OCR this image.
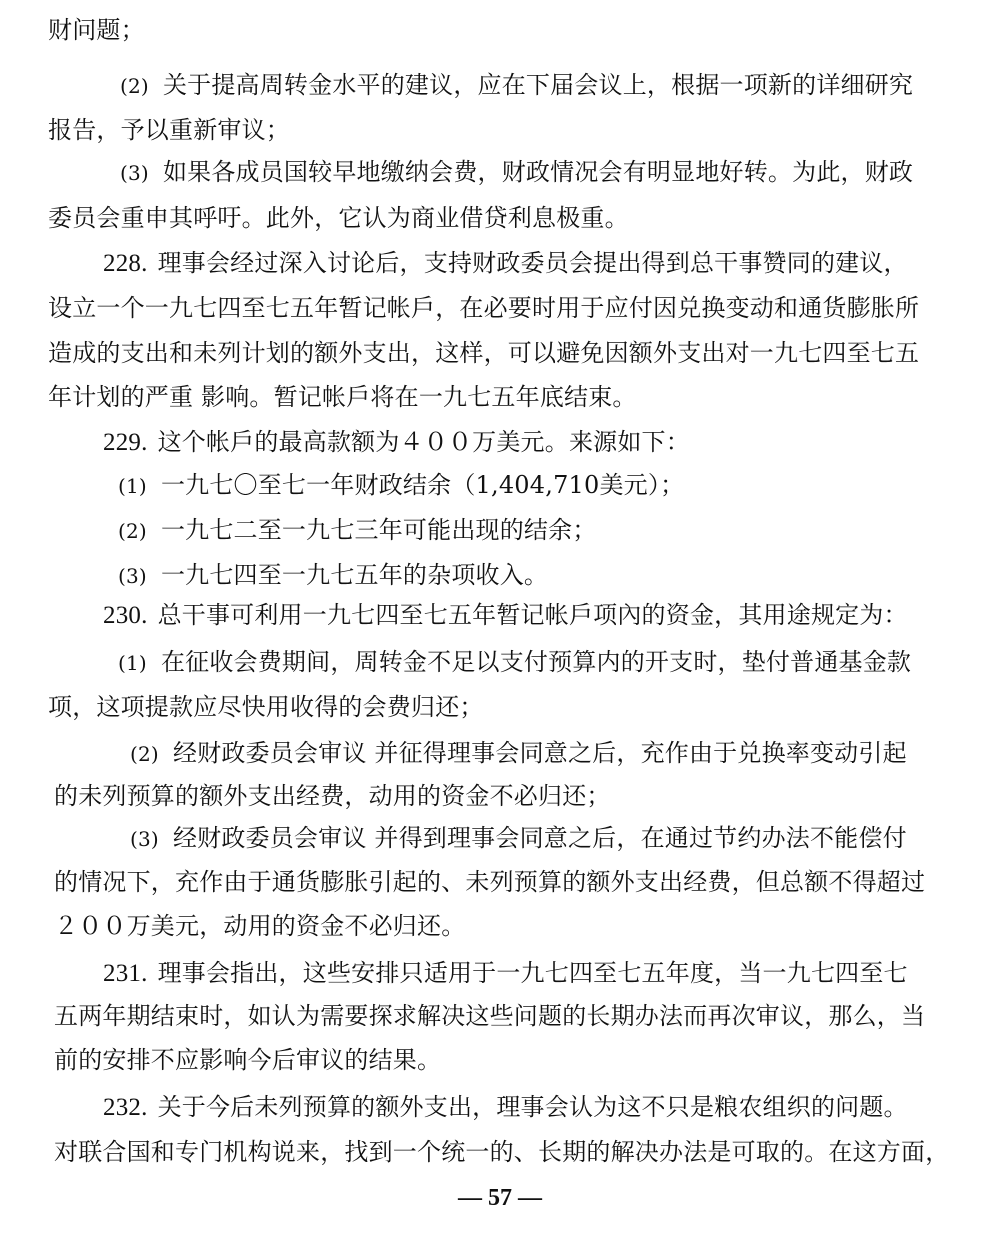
财问题；
(2) 关于提高周转金水平的建议，应在下届会议上，根据一项新的详细研究
报告，予以重新审议；
(3) 如果各成员国较早地缴纳会费，财政情况会有明显地好转。为此，财政
委员会重申其呼吁。此外，它认为商业借贷利息极重。
228. 理事会经过深入讨论后，支持财政委员会提出得到总干事赞同的建议，
设立一个一九七四至七五年暂记帐戶，在必要时用于应付因兑换变动和通货膨胀所
造成的支出和未列计划的额外支出，这样，可以避免因额外支出对一九七四至七五
年计划的严重 影响。暂记帐戶将在一九七五年底结束。
229. 这个帐戶的最高款额为４００万美元。来源如下：
(1) 一九七〇至七一年财政结余（1,404,710美元）；
(2) 一九七二至一九七三年可能出现的结余；
(3) 一九七四至一九七五年的杂项收入。
230. 总干事可利用一九七四至七五年暂记帐戶项內的资金，其用途规定为：
(1) 在征收会费期间，周转金不足以支付预算内的开支时，垫付普通基金款
项，这项提款应尽快用收得的会费归还；
(2) 经财政委员会审议 并征得理事会同意之后，充作由于兑换率变动引起
的未列预算的额外支出经费，动用的资金不必归还；
(3) 经财政委员会审议 并得到理事会同意之后，在通过节约办法不能偿付
的情况下，充作由于通货膨胀引起的、未列预算的额外支出经费，但总额不得超过
２００万美元，动用的资金不必归还。
231. 理事会指出，这些安排只适用于一九七四至七五年度，当一九七四至七
五两年期结束时，如认为需要探求解决这些问题的长期办法而再次审议，那么，当
前的安排不应影响今后审议的结果。
232. 关于今后未列预算的额外支出，理事会认为这不只是粮农组织的问题。
对联合国和专门机构说来，找到一个统一的、长期的解决办法是可取的。在这方面，
— 57 —
